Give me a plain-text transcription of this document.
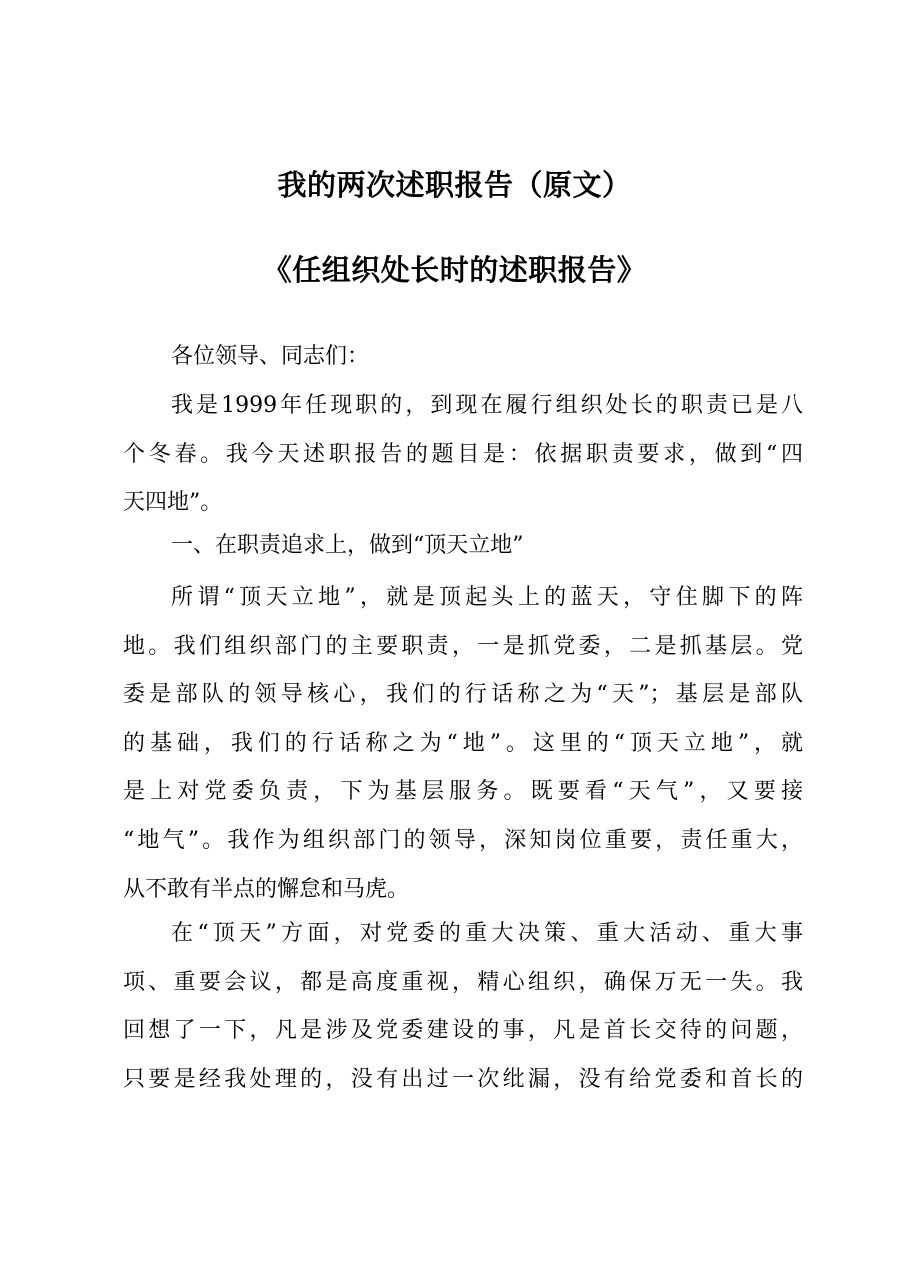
我的两次述职报告（原文）
《任组织处长时的述职报告》
各位领导、同志们：
我是1999年任现职的，到现在履行组织处长的职责已是八
个冬春。我今天述职报告的题目是：依据职责要求，做到“四
天四地”。
一、在职责追求上，做到“顶天立地”
所谓“顶天立地”，就是顶起头上的蓝天，守住脚下的阵
地。我们组织部门的主要职责，一是抓党委，二是抓基层。党
委是部队的领导核心，我们的行话称之为“天”；基层是部队
的基础，我们的行话称之为“地”。这里的“顶天立地”，就
是上对党委负责，下为基层服务。既要看“天气”，又要接
“地气”。我作为组织部门的领导，深知岗位重要，责任重大，
从不敢有半点的懈怠和马虎。
在“顶天”方面，对党委的重大决策、重大活动、重大事
项、重要会议，都是高度重视，精心组织，确保万无一失。我
回想了一下，凡是涉及党委建设的事，凡是首长交待的问题，
只要是经我处理的，没有出过一次纰漏，没有给党委和首长的
